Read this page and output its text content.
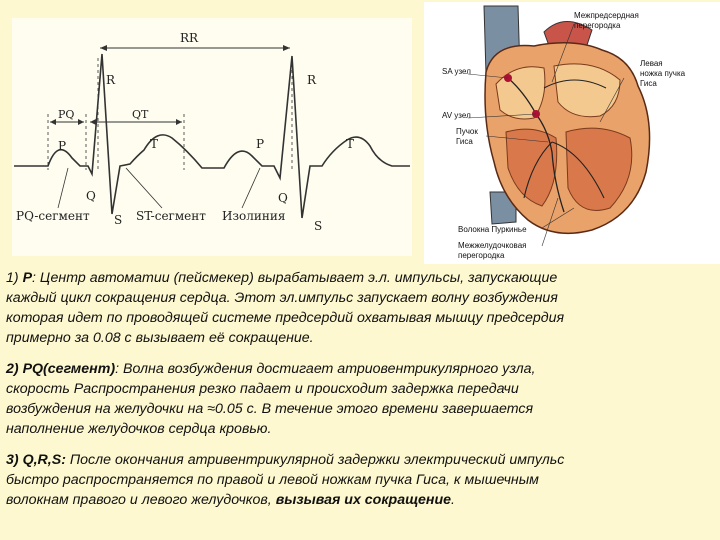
RR
R	R
PQ	QT
P	T	P	T
Q	Q
S	S
PQ-сегмент	ST-сегмент Изолиния
Межпредсердная
перегородка
SA узел
Левая
ножка пучка
Гиса
AV узел
Пучок
Гиса
Волокна Пуркинье
Межжелудочковая
перегородка
1) P: Центр автоматии (пейсмекер) вырабатывает э.л. импульсы, запускающие
каждый цикл сокращения сердца. Этот эл.импульс запускает волну возбуждения
которая идет по проводящей системе предсердий охватывая мышцу предсердия
примерно за 0.08 с вызывает её сокращение.
2) PQ(сегмент): Волна возбуждения достигает атриовентрикулярного узла,
скорость Распространения резко падает и происходит задержка передачи
возбуждения на желудочки на ≈0.05 с. В течение этого времени завершается
наполнение желудочков сердца кровью.
3) Q,R,S: После окончания атривентрикулярной задержки электрический импульс
быстро распространяется по правой и левой ножкам пучка Гиса, к мышечным
волокнам правого и левого желудочков, вызывая их сокращение.
